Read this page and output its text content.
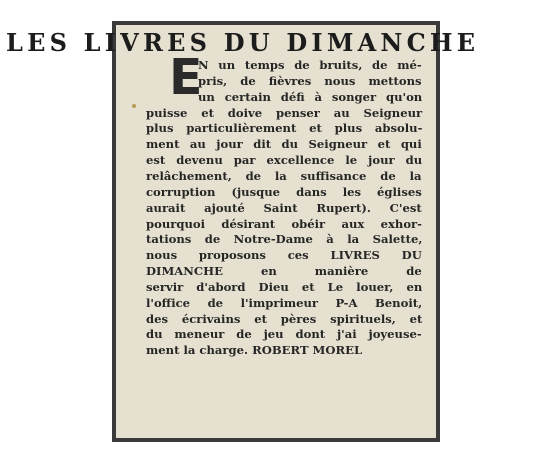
LES LIVRES DU DIMANCHE
E
N un temps de bruits, de mé-
pris, de fièvres nous mettons
un certain défi à songer qu'on
puisse et doive penser au Seigneur
plus particulièrement et plus absolu-
ment au jour dit du Seigneur et qui
est devenu par excellence le jour du
relâchement, de la suffisance de la
corruption (jusque dans les églises
aurait ajouté Saint Rupert). C'est
pourquoi désirant obéir aux exhor-
tations de Notre-Dame à la Salette,
nous proposons ces LIVRES DU
DIMANCHE en manière de
servir d'abord Dieu et Le louer, en
l'office de l'imprimeur P-A Benoit,
des écrivains et pères spirituels, et
du meneur de jeu dont j'ai joyeuse-
ment la charge. ROBERT MOREL
